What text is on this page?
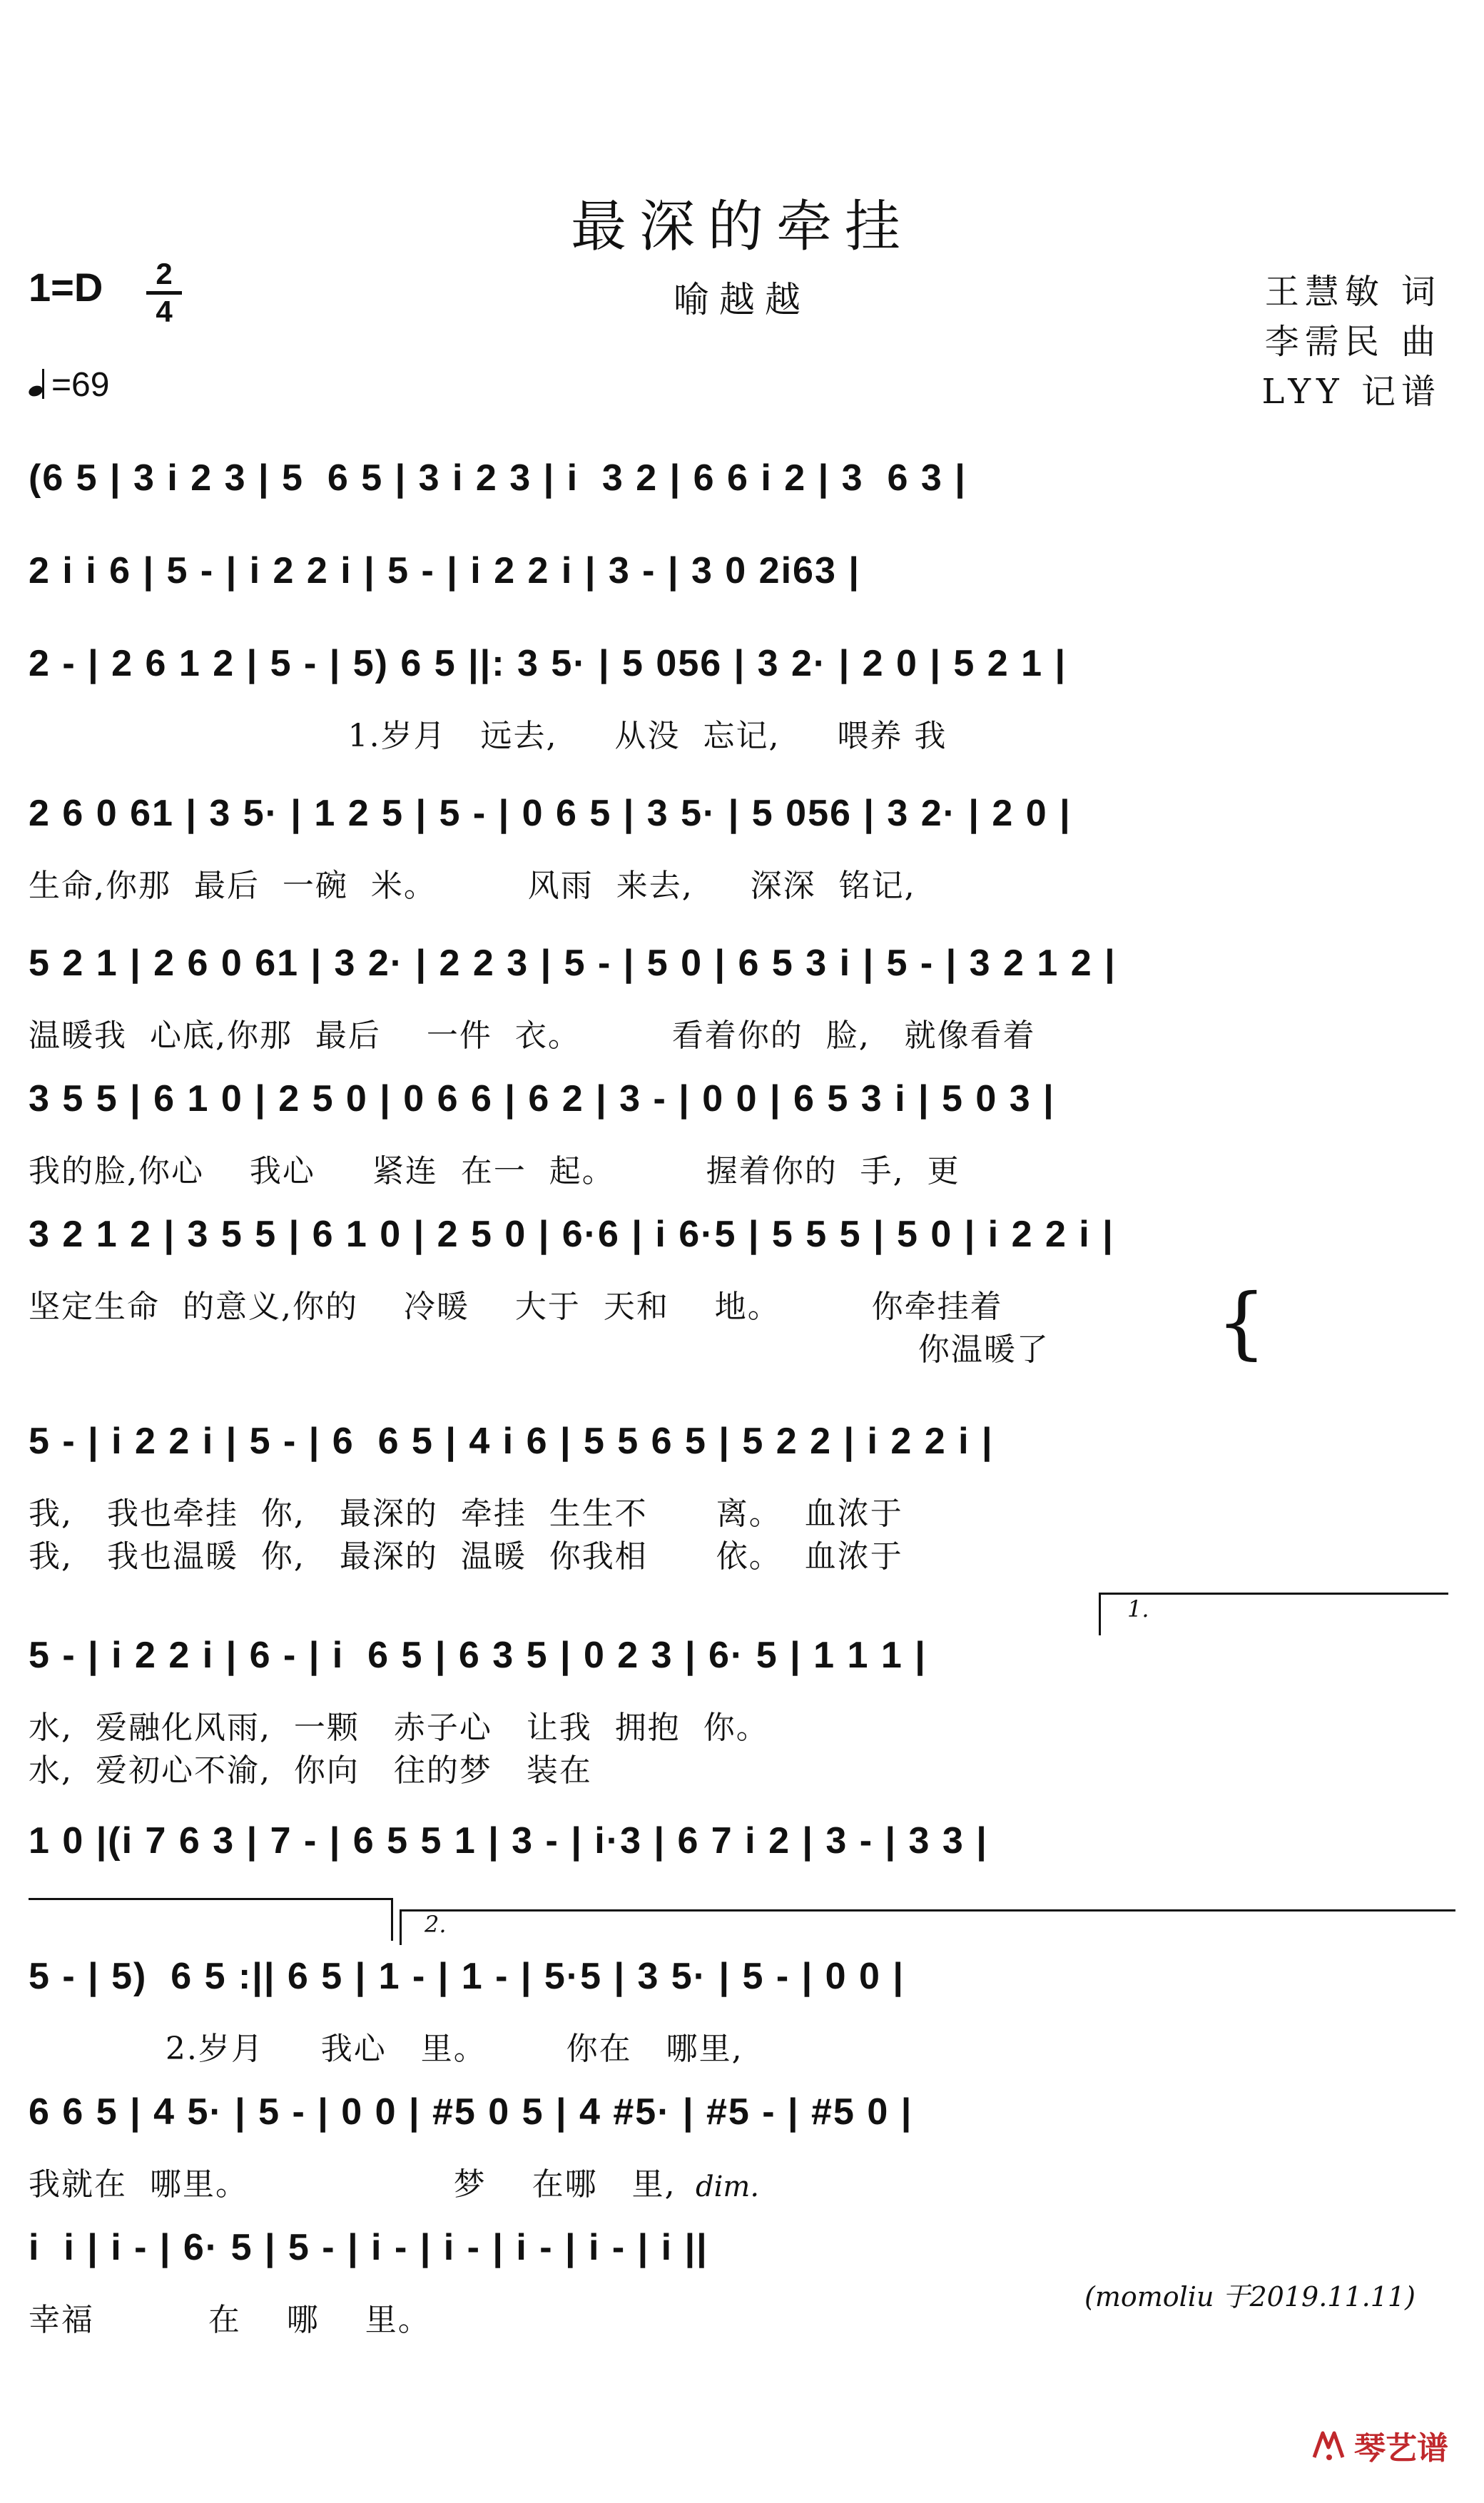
最深的牵挂
1=D	2
4	喻越越	王慧敏 词
李需民 曲
LYY 记谱
=69
(6 5 | 3 i 2 3 | 5  6 5 | 3 i 2 3 | i  3 2 | 6 6 i 2 | 3  6 3 |
2 i i 6 | 5 - | i 2 2 i | 5 - | i 2 2 i | 3 - | 3 0 2i63 |
2 - | 2 6 1 2 | 5 - | 5) 6 5 ||: 3 5· | 5 056 | 3 2· | 2 0 | 5 2 1 |
1.岁月   远去,     从没  忘记,     喂养 我
2 6 0 61 | 3 5· | 1 2 5 | 5 - | 0 6 5 | 3 5· | 5 056 | 3 2· | 2 0 |
生命,你那  最后  一碗  米。        风雨  来去,     深深  铭记,
5 2 1 | 2 6 0 61 | 3 2· | 2 2 3 | 5 - | 5 0 | 6 5 3 i | 5 - | 3 2 1 2 |
温暖我  心底,你那  最后    一件  衣。        看着你的  脸,   就像看着
3 5 5 | 6 1 0 | 2 5 0 | 0 6 6 | 6 2 | 3 - | 0 0 | 6 5 3 i | 5 0 3 |
我的脸,你心    我心     紧连  在一  起。        握着你的  手,  更
3 2 1 2 | 3 5 5 | 6 1 0 | 2 5 0 | 6·6 | i 6·5 | 5 5 5 | 5 0 | i 2 2 i |
坚定生命  的意义,你的    冷暖    大于  天和    地。        你牵挂着
你温暖了
5 - | i 2 2 i | 5 - | 6  6 5 | 4 i 6 | 5 5 6 5 | 5 2 2 | i 2 2 i |
我,   我也牵挂  你,   最深的  牵挂  生生不      离。  血浓于
我,   我也温暖  你,   最深的  温暖  你我相      依。  血浓于
5 - | i 2 2 i | 6 - | i  6 5 | 6 3 5 | 0 2 3 | 6· 5 | 1 1 1 |
水,  爱融化风雨,  一颗   赤子心   让我  拥抱  你。
水,  爱初心不渝,  你向   往的梦   装在
1 0 |(i 7 6 3 | 7 - | 6 5 5 1 | 3 - | i·3 | 6 7 i 2 | 3 - | 3 3 |
5 - | 5)  6 5 :|| 6 5 | 1 - | 1 - | 5·5 | 3 5· | 5 - | 0 0 |
2.岁月     我心   里。       你在   哪里,
6 6 5 | 4 5· | 5 - | 0 0 | #5 0 5 | 4 #5· | #5 - | #5 0 |
我就在  哪里。                  梦    在哪   里,
i  i | i - | 6· 5 | 5 - | i - | i - | i - | i - | i ||
幸福          在    哪    里。
1.
2.
{
dim.
(momoliu 于2019.11.11)
琴艺谱
